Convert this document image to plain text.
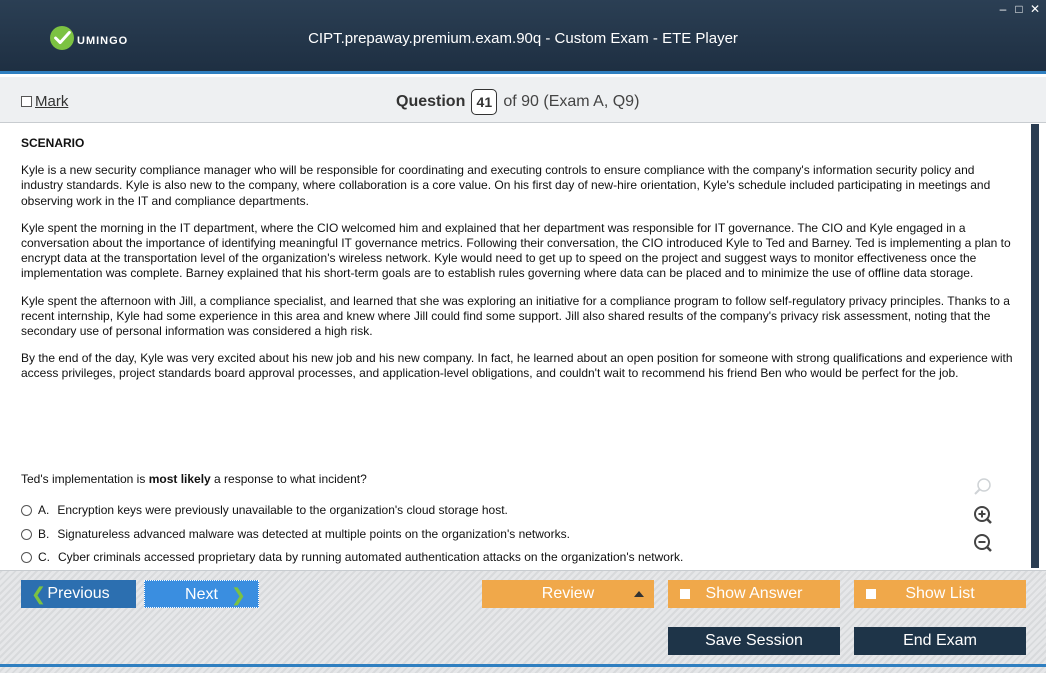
UMINGO	CIPT.prepaway.premium.exam.90q - Custom Exam - ETE Player
– □ ✕
Mark	Question 41 of 90 (Exam A, Q9)
SCENARIO

Kyle is a new security compliance manager who will be responsible for coordinating and executing controls to ensure compliance with the company's information security policy and industry standards. Kyle is also new to the company, where collaboration is a core value. On his first day of new-hire orientation, Kyle's schedule included participating in meetings and observing work in the IT and compliance departments.

Kyle spent the morning in the IT department, where the CIO welcomed him and explained that her department was responsible for IT governance. The CIO and Kyle engaged in a conversation about the importance of identifying meaningful IT governance metrics. Following their conversation, the CIO introduced Kyle to Ted and Barney. Ted is implementing a plan to encrypt data at the transportation level of the organization's wireless network. Kyle would need to get up to speed on the project and suggest ways to monitor effectiveness once the implementation was complete. Barney explained that his short-term goals are to establish rules governing where data can be placed and to minimize the use of offline data storage.

Kyle spent the afternoon with Jill, a compliance specialist, and learned that she was exploring an initiative for a compliance program to follow self-regulatory privacy principles. Thanks to a recent internship, Kyle had some experience in this area and knew where Jill could find some support. Jill also shared results of the company's privacy risk assessment, noting that the secondary use of personal information was considered a high risk.

By the end of the day, Kyle was very excited about his new job and his new company. In fact, he learned about an open position for someone with strong qualifications and experience with access privileges, project standards board approval processes, and application-level obligations, and couldn't wait to recommend his friend Ben who would be perfect for the job.

Ted's implementation is most likely a response to what incident?
A. Encryption keys were previously unavailable to the organization's cloud storage host.
B. Signatureless advanced malware was detected at multiple points on the organization's networks.
C. Cyber criminals accessed proprietary data by running automated authentication attacks on the organization's network.
❮ Previous	Next ❯	Review	Show Answer	Show List
Save Session	End Exam
